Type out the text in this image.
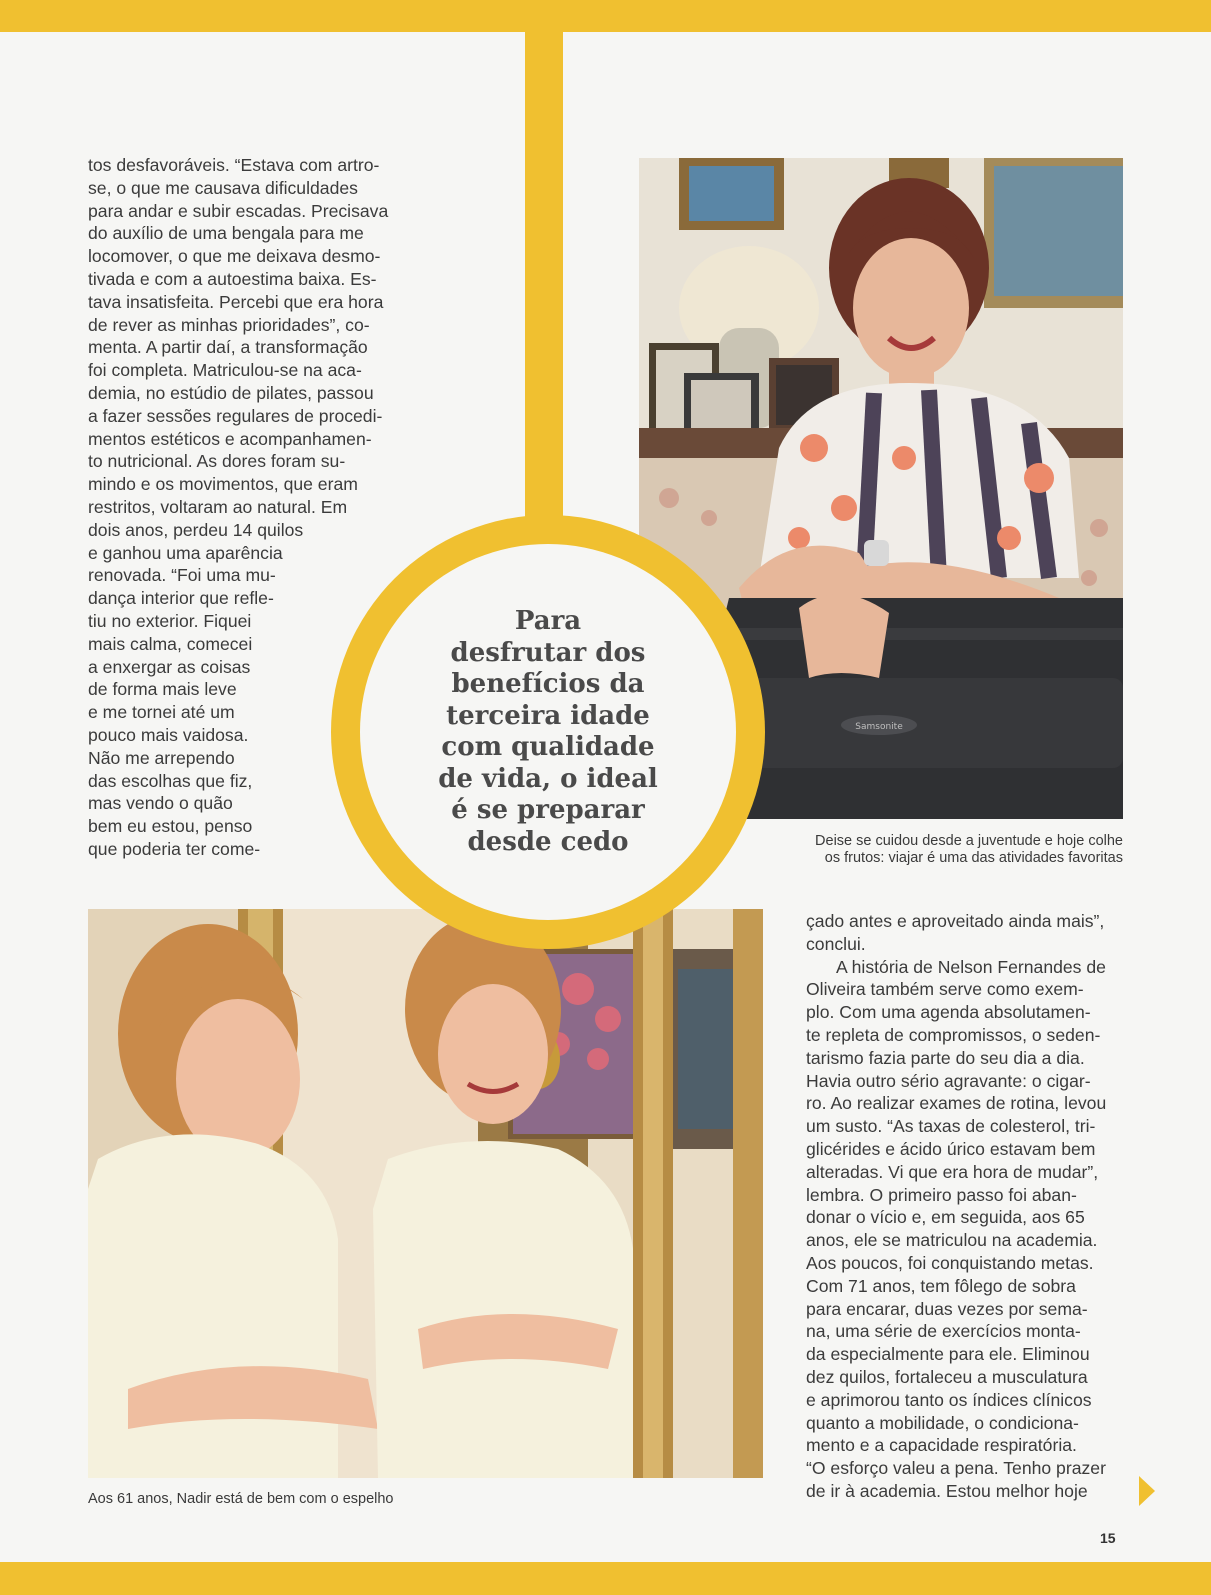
tos desfavoráveis. “Estava com artro-
se, o que me causava dificuldades
para andar e subir escadas. Precisava
do auxílio de uma bengala para me
locomover, o que me deixava desmo-
tivada e com a autoestima baixa. Es-
tava insatisfeita. Percebi que era hora
de rever as minhas prioridades”, co-
menta. A partir daí, a transformação
foi completa. Matriculou-se na aca-
demia, no estúdio de pilates, passou
a fazer sessões regulares de procedi-
mentos estéticos e acompanhamen-
to nutricional. As dores foram su-
mindo e os movimentos, que eram
restritos, voltaram ao natural. Em
dois anos, perdeu 14 quilos
e ganhou uma aparência
renovada. “Foi uma mu-
dança interior que refle-
tiu no exterior. Fiquei
mais calma, comecei
a enxergar as coisas
de forma mais leve
e me tornei até um
pouco mais vaidosa.
Não me arrependo
das escolhas que fiz,
mas vendo o quão
bem eu estou, penso
que poderia ter come-

Samsonite
Deise se cuidou desde a juventude e hoje colhe
os frutos: viajar é uma das atividades favoritas
Aos 61 anos, Nadir está de bem com o espelho
Para
desfrutar dos
benefícios da
terceira idade
com qualidade
de vida, o ideal
é se preparar
desde cedo

çado antes e aproveitado ainda mais”,
conclui.

A história de Nelson Fernandes de
Oliveira também serve como exem-
plo. Com uma agenda absolutamen-
te repleta de compromissos, o seden-
tarismo fazia parte do seu dia a dia.
Havia outro sério agravante: o cigar-
ro. Ao realizar exames de rotina, levou
um susto. “As taxas de colesterol, tri-
glicérides e ácido úrico estavam bem
alteradas. Vi que era hora de mudar”,
lembra. O primeiro passo foi aban-
donar o vício e, em seguida, aos 65
anos, ele se matriculou na academia.
Aos poucos, foi conquistando metas.
Com 71 anos, tem fôlego de sobra
para encarar, duas vezes por sema-
na, uma série de exercícios monta-
da especialmente para ele. Eliminou
dez quilos, fortaleceu a musculatura
e aprimorou tanto os índices clínicos
quanto a mobilidade, o condiciona-
mento e a capacidade respiratória.
“O esforço valeu a pena. Tenho prazer
de ir à academia. Estou melhor hoje

15
